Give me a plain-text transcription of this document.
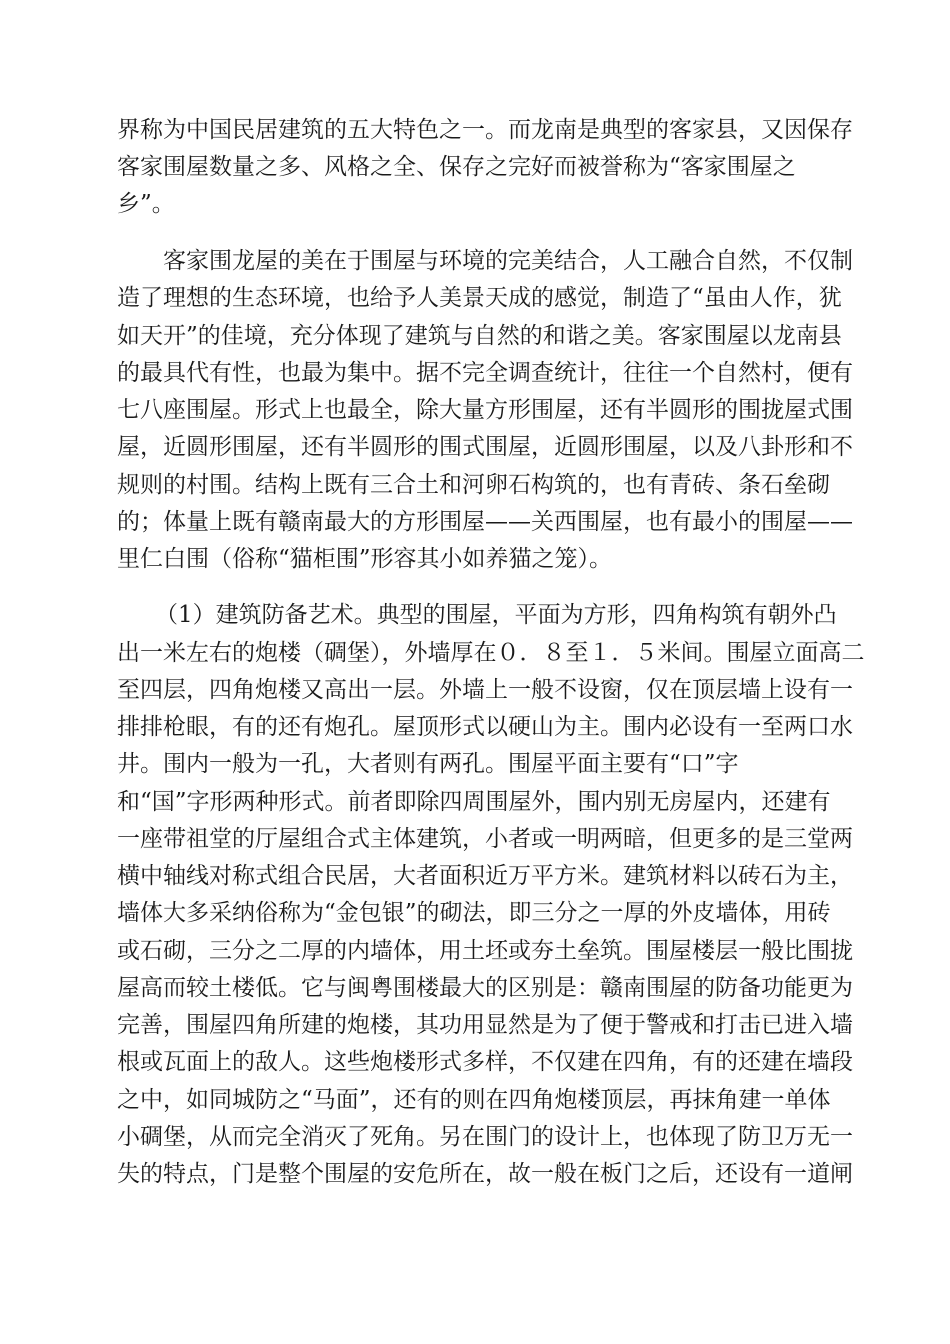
界称为中国民居建筑的五大特色之一。而龙南是典型的客家县，又因保存
客家围屋数量之多、风格之全、保存之完好而被誉称为“客家围屋之
乡”。
客家围龙屋的美在于围屋与环境的完美结合，人工融合自然，不仅制
造了理想的生态环境，也给予人美景天成的感觉，制造了“虽由人作，犹
如天开”的佳境，充分体现了建筑与自然的和谐之美。客家围屋以龙南县
的最具代有性，也最为集中。据不完全调查统计，往往一个自然村，便有
七八座围屋。形式上也最全，除大量方形围屋，还有半圆形的围拢屋式围
屋，近圆形围屋，还有半圆形的围式围屋，近圆形围屋，以及八卦形和不
规则的村围。结构上既有三合土和河卵石构筑的，也有青砖、条石垒砌
的；体量上既有赣南最大的方形围屋——关西围屋，也有最小的围屋——
里仁白围（俗称“猫柜围”形容其小如养猫之笼）。
（1）建筑防备艺术。典型的围屋，平面为方形，四角构筑有朝外凸
出一米左右的炮楼（碉堡），外墙厚在０．８至１．５米间。围屋立面高二
至四层，四角炮楼又高出一层。外墙上一般不设窗，仅在顶层墙上设有一
排排枪眼，有的还有炮孔。屋顶形式以硬山为主。围内必设有一至两口水
井。围内一般为一孔，大者则有两孔。围屋平面主要有“口”字
和“国”字形两种形式。前者即除四周围屋外，围内别无房屋内，还建有
一座带祖堂的厅屋组合式主体建筑，小者或一明两暗，但更多的是三堂两
横中轴线对称式组合民居，大者面积近万平方米。建筑材料以砖石为主，
墙体大多采纳俗称为“金包银”的砌法，即三分之一厚的外皮墙体，用砖
或石砌，三分之二厚的内墙体，用土坯或夯土垒筑。围屋楼层一般比围拢
屋高而较土楼低。它与闽粤围楼最大的区别是：赣南围屋的防备功能更为
完善，围屋四角所建的炮楼，其功用显然是为了便于警戒和打击已进入墙
根或瓦面上的敌人。这些炮楼形式多样，不仅建在四角，有的还建在墙段
之中，如同城防之“马面”，还有的则在四角炮楼顶层，再抹角建一单体
小碉堡，从而完全消灭了死角。另在围门的设计上，也体现了防卫万无一
失的特点，门是整个围屋的安危所在，故一般在板门之后，还设有一道闸
